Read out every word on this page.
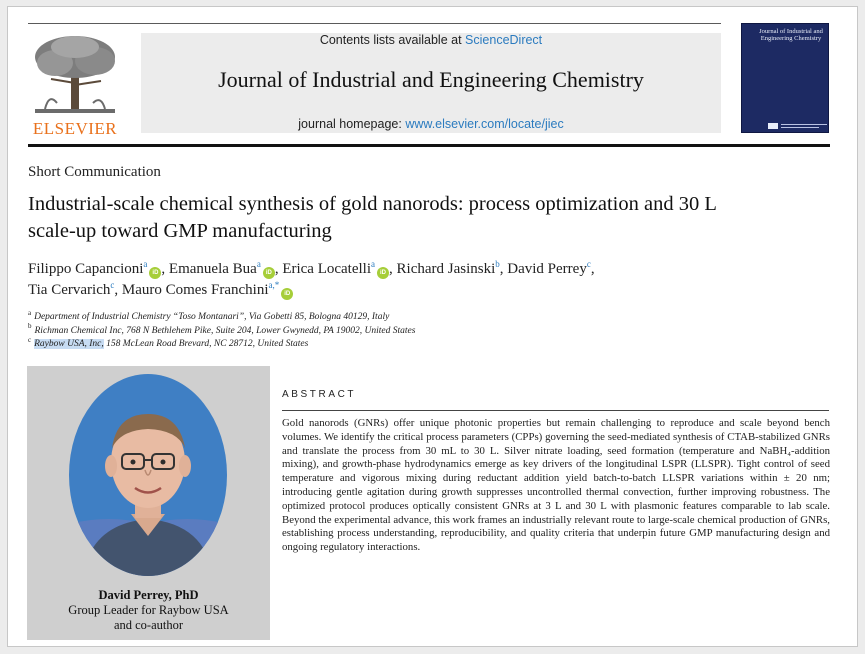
ELSEVIER
Contents lists available at ScienceDirect
Journal of Industrial and Engineering Chemistry
journal homepage: www.elsevier.com/locate/jiec
Journal of Industrial and Engineering Chemistry
Short Communication
Industrial-scale chemical synthesis of gold nanorods: process optimization and 30 L scale-up toward GMP manufacturing
Filippo Capancioni$^a$iD , Emanuela Bua$^a$iD , Erica Locatelli$^a$iD , Richard Jasinski$^b$, David Perrey$^c$,
Tia Cervarich$^c$, Mauro Comes Franchini$^{a,*}$iD
$^a$ Department of Industrial Chemistry “Toso Montanari”, Via Gobetti 85, Bologna 40129, Italy
$^b$ Richman Chemical Inc, 768 N Bethlehem Pike, Suite 204, Lower Gwynedd, PA 19002, United States
$^c$ Raybow USA, Inc, 158 McLean Road Brevard, NC 28712, United States
David Perrey, PhD
Group Leader for Raybow USA
and co-author
ABSTRACT
Gold nanorods (GNRs) offer unique photonic properties but remain challenging to reproduce and scale beyond bench volumes. We identify the critical process parameters (CPPs) governing the seed-mediated synthesis of CTAB-stabilized GNRs and translate the process from 30 mL to 30 L. Silver nitrate loading, seed formation (temperature and NaBH₄-addition mixing), and growth-phase hydrodynamics emerge as key drivers of the longitudinal LSPR (LLSPR). Tight control of seed temperature and vigorous mixing during reductant addition yield batch-to-batch LLSPR variations within ± 20 nm; introducing gentle agitation during growth suppresses uncontrolled thermal convection, further improving robustness. The optimized protocol produces optically consistent GNRs at 3 L and 30 L with plasmonic features comparable to lab scale. Beyond the experimental advance, this work frames an industrially relevant route to large-scale chemical production of GNRs, establishing process understanding, reproducibility, and quality criteria that underpin future GMP manufacturing design and ongoing regulatory interactions.
